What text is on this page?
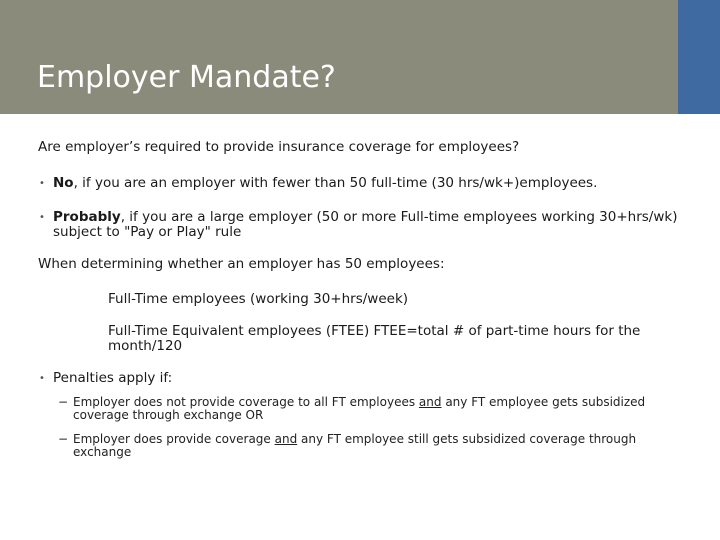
Employer Mandate?

Are employer’s required to provide insurance coverage for employees?

• No, if you are an employer with fewer than 50 full-time (30 hrs/wk+)employees.
• Probably, if you are a large employer (50 or more Full-time employees working 30+hrs/wk) subject to "Pay or Play" rule

When determining whether an employer has 50 employees:

Full-Time employees (working 30+hrs/week)

Full-Time Equivalent employees (FTEE) FTEE=total # of part-time hours for the month/120

• Penalties apply if:
− Employer does not provide coverage to all FT employees and any FT employee gets subsidized coverage through exchange OR
− Employer does provide coverage and any FT employee still gets subsidized coverage through exchange
